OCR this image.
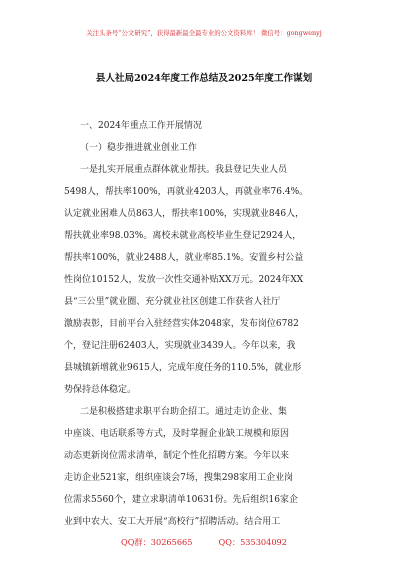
关注头条号“公文研究”，获得最新最全最专业的公文资料库！ 微信号：gongwenyj
县人社局2024年度工作总结及2025年度工作谋划
一、2024年重点工作开展情况
（一）稳步推进就业创业工作
一是扎实开展重点群体就业帮扶。我县登记失业人员
5498人，帮扶率100%，再就业4203人，再就业率76.4%。
认定就业困难人员863人，帮扶率100%，实现就业846人，
帮扶就业率98.03%。离校未就业高校毕业生登记2924人，
帮扶率100%，就业2488人，就业率85.1%。安置乡村公益
性岗位10152人，发放一次性交通补贴XX万元。2024年XX
县“三公里”就业圈、充分就业社区创建工作获省人社厅
激励表彰，目前平台入驻经营实体2048家，发布岗位6782
个，登记注册62403人，实现就业3439人。今年以来，我
县城镇新增就业9615人，完成年度任务的110.5%，就业形
势保持总体稳定。
二是积极搭建求职平台助企招工。通过走访企业、集
中座谈、电话联系等方式，及时掌握企业缺工规模和原因
动态更新岗位需求清单，制定个性化招聘方案。今年以来
走访企业521家，组织座谈会7场，搜集298家用工企业岗
位需求5560个，建立求职清单10631份。先后组织16家企
业到中农大、安工大开展“高校行”招聘活动。结合用工
QQ群：30265665	QQ：535304092
